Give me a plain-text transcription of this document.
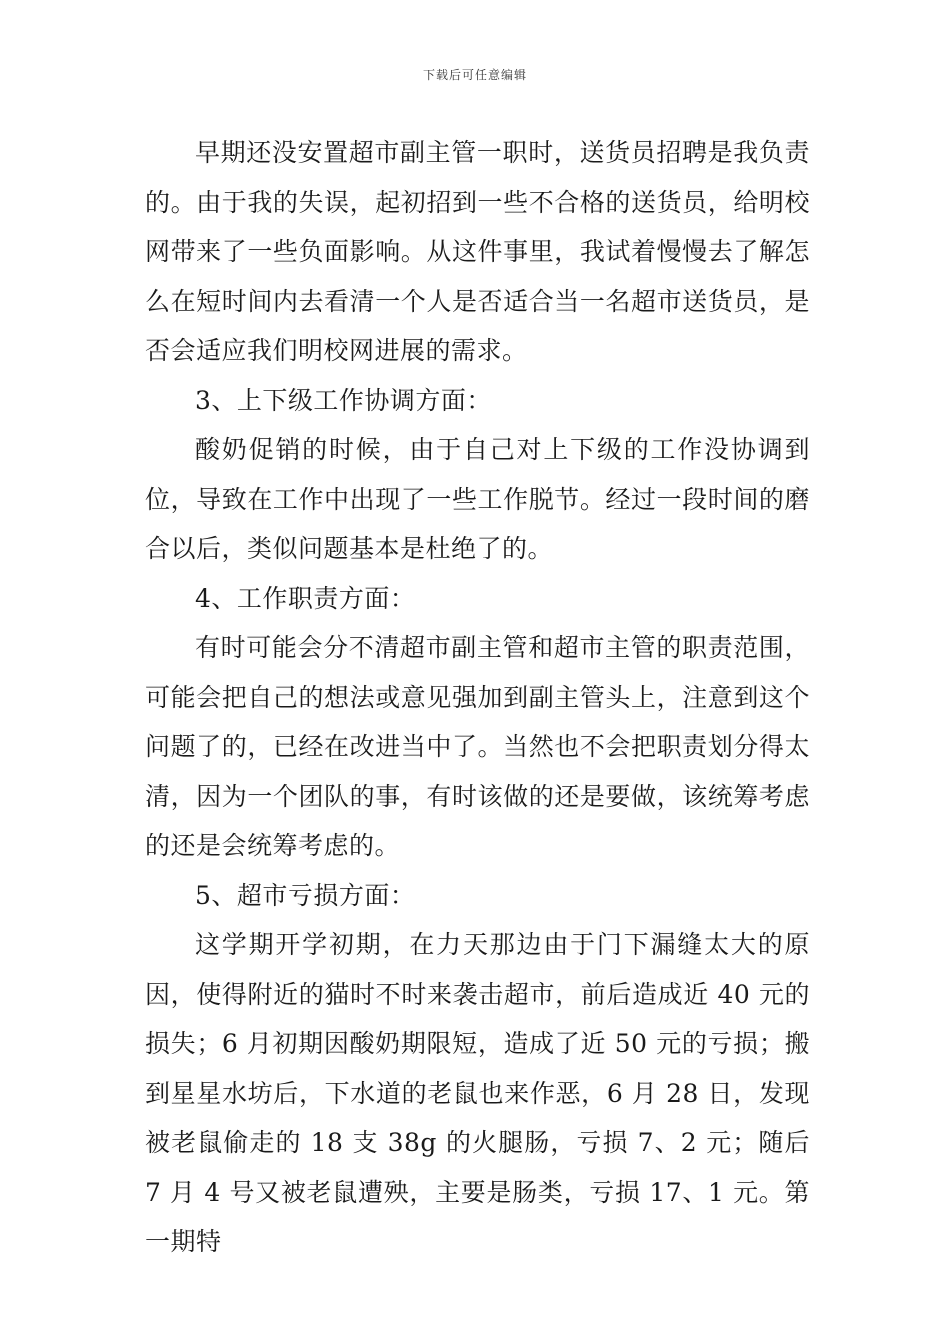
下载后可任意编辑

早期还没安置超市副主管一职时，送货员招聘是我负责的。由于我的失误，起初招到一些不合格的送货员，给明校网带来了一些负面影响。从这件事里，我试着慢慢去了解怎么在短时间内去看清一个人是否适合当一名超市送货员，是否会适应我们明校网进展的需求。

3、上下级工作协调方面：

酸奶促销的时候，由于自己对上下级的工作没协调到位，导致在工作中出现了一些工作脱节。经过一段时间的磨合以后，类似问题基本是杜绝了的。

4、工作职责方面：

有时可能会分不清超市副主管和超市主管的职责范围，可能会把自己的想法或意见强加到副主管头上，注意到这个问题了的，已经在改进当中了。当然也不会把职责划分得太清，因为一个团队的事，有时该做的还是要做，该统筹考虑的还是会统筹考虑的。

5、超市亏损方面：

这学期开学初期，在力天那边由于门下漏缝太大的原因，使得附近的猫时不时来袭击超市，前后造成近 40 元的损失；6 月初期因酸奶期限短，造成了近 50 元的亏损；搬到星星水坊后，下水道的老鼠也来作恶，6 月 28 日，发现被老鼠偷走的 18 支 38g 的火腿肠，亏损 7、2 元；随后 7 月 4 号又被老鼠遭殃，主要是肠类，亏损 17、1 元。第一期特
